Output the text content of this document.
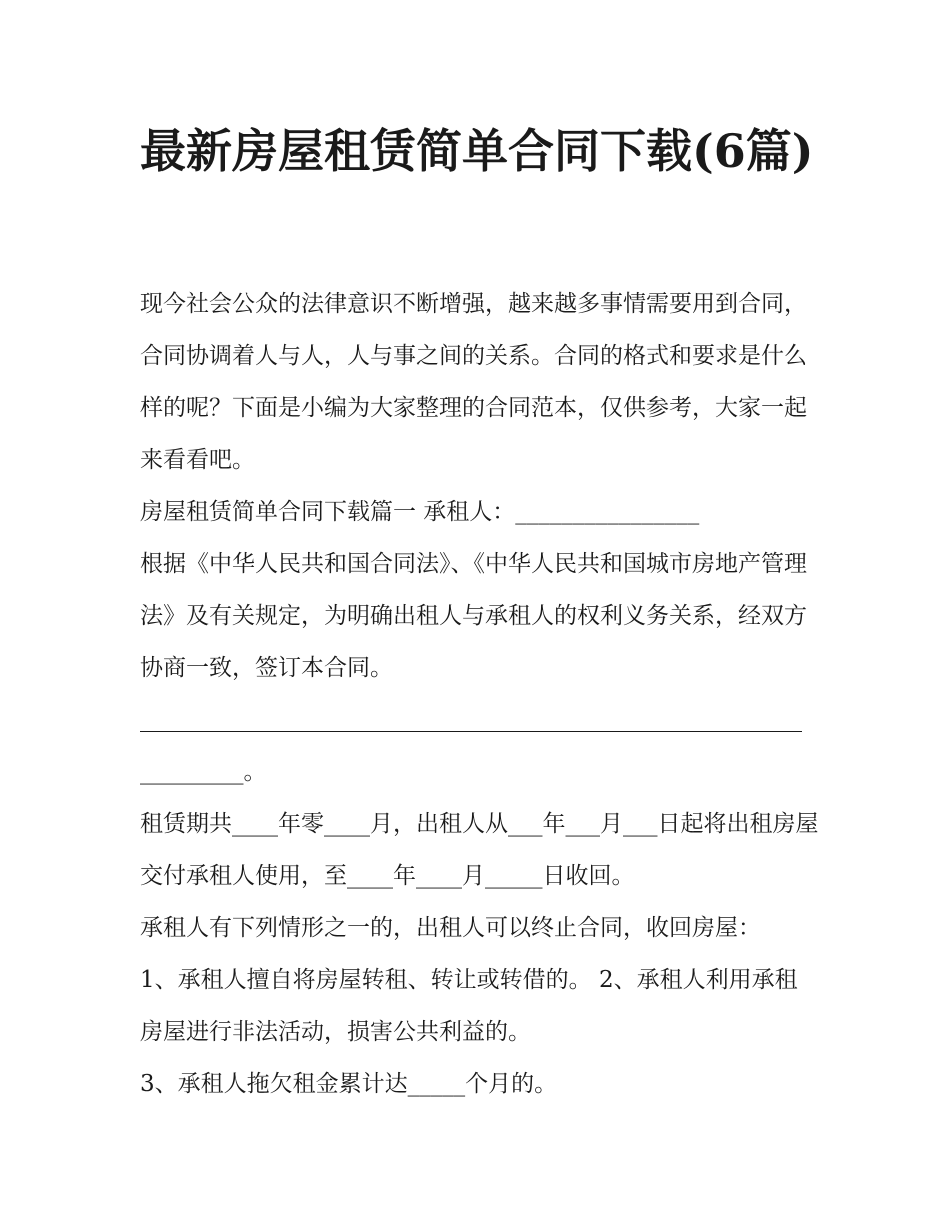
最新房屋租赁简单合同下载(6篇)

现今社会公众的法律意识不断增强，越来越多事情需要用到合同，合同协调着人与人，人与事之间的关系。合同的格式和要求是什么样的呢？下面是小编为大家整理的合同范本，仅供参考，大家一起来看看吧。

房屋租赁简单合同下载篇一 承租人：________________

根据《中华人民共和国合同法》、《中华人民共和国城市房地产管理法》及有关规定，为明确出租人与承租人的权利义务关系，经双方协商一致，签订本合同。

_________。

租赁期共____年零____月，出租人从___年___月___日起将出租房屋交付承租人使用，至____年____月_____日收回。

承租人有下列情形之一的，出租人可以终止合同，收回房屋：

1、承租人擅自将房屋转租、转让或转借的。 2、承租人利用承租房屋进行非法活动，损害公共利益的。

3、承租人拖欠租金累计达_____个月的。
